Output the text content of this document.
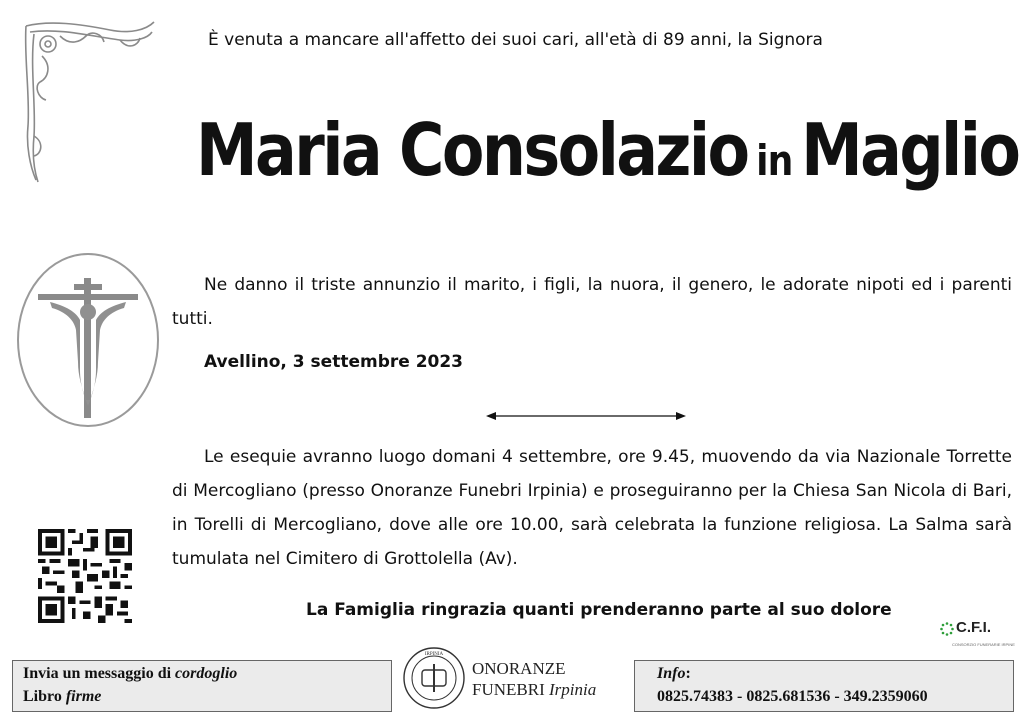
È venuta a mancare all'affetto dei suoi cari, all'età di 89 anni, la Signora
Maria Consolazio in Maglio
Ne danno il triste annunzio il marito, i figli, la nuora, il genero, le adorate nipoti ed i parenti tutti.
Avellino, 3 settembre 2023
Le esequie avranno luogo domani 4 settembre, ore 9.45, muovendo da via Nazionale Torrette di Mercogliano (presso Onoranze Funebri Irpinia) e proseguiranno per la Chiesa San Nicola di Bari, in Torelli di Mercogliano, dove alle ore 10.00, sarà celebrata la funzione religiosa. La Salma sarà tumulata nel Cimitero di Grottolella (Av).
La Famiglia ringrazia quanti prenderanno parte al suo dolore
C.F.I.
CONSORZIO FUNERARIE IRPINE
Invia un messaggio di cordoglio
Libro firme
IRPINIA
ONORANZE
FUNEBRI Irpinia
Info:
0825.74383 - 0825.681536 - 349.2359060
